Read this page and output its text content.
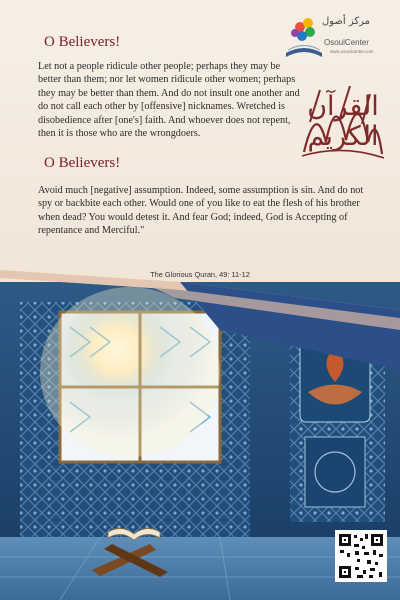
مركز أصول
OsoulCenter
www.osoulcenter.com
القرآن الكريم
O Believers!

Let not a people ridicule other people; perhaps they may be better than them; nor let women ridicule other women; perhaps they may be better than them. And do not insult one another and do not call each other by [offensive] nicknames. Wretched is disobedience after [one's] faith. And whoever does not repent, then it is those who are the wrongdoers.

O Believers!

Avoid much [negative] assumption. Indeed, some assumption is sin. And do not spy or backbite each other. Would one of you like to eat the flesh of his brother when dead? You would detest it. And fear God; indeed, God is Accepting of repentance and Merciful."

The Glorious Quran, 49: 11-12
